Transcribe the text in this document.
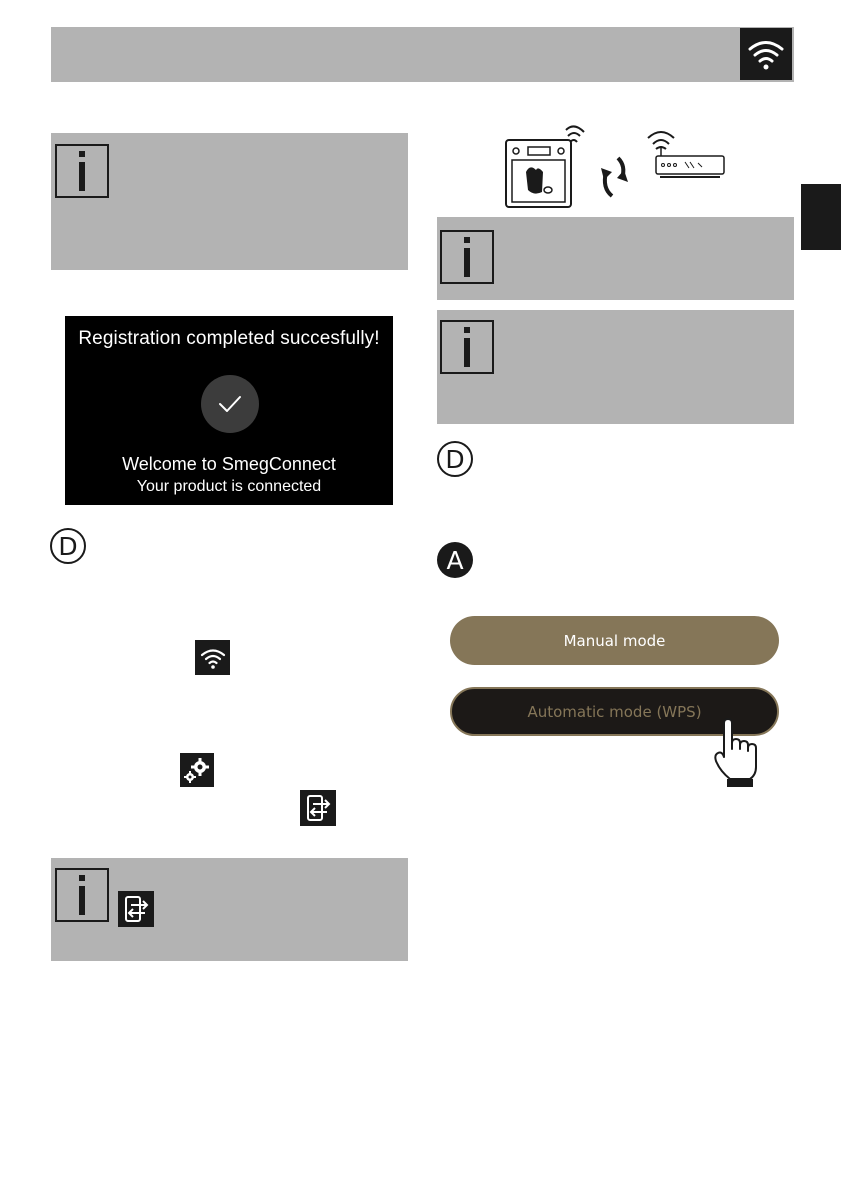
Registration completed succesfully!
Welcome to SmegConnect
Your product is connected
D
D
A
Manual mode
Automatic mode (WPS)
